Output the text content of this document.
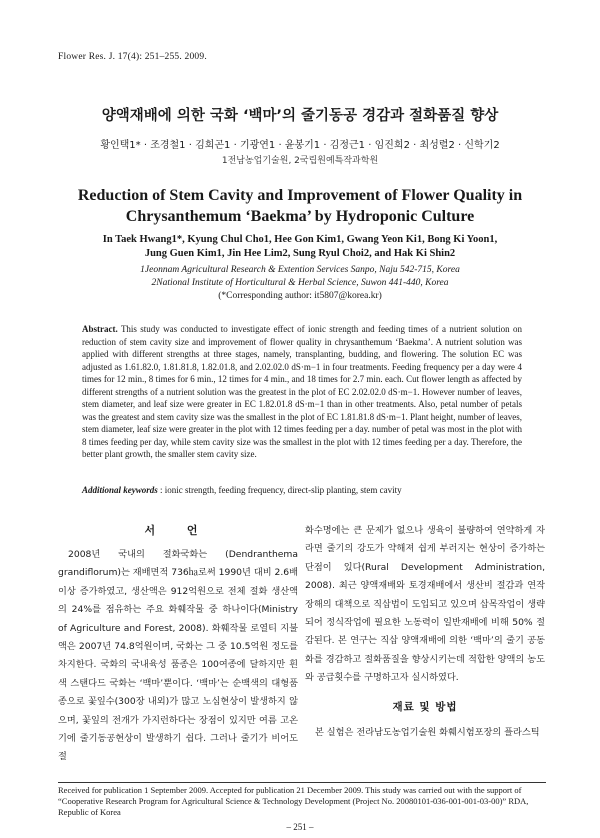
Flower Res. J. 17(4): 251–255. 2009.
양액재배에 의한 국화 ‘백마’의 줄기동공 경감과 절화품질 향상
황인택1* · 조경철1 · 김희곤1 · 기광연1 · 윤봉기1 · 김정근1 · 임진희2 · 최성렬2 · 신학기2
1전남농업기술원, 2국립원예특작과학원
Reduction of Stem Cavity and Improvement of Flower Quality in
Chrysanthemum ‘Baekma’ by Hydroponic Culture
In Taek Hwang1*, Kyung Chul Cho1, Hee Gon Kim1, Gwang Yeon Ki1, Bong Ki Yoon1,
Jung Guen Kim1, Jin Hee Lim2, Sung Ryul Choi2, and Hak Ki Shin2
1Jeonnam Agricultural Research & Extention Services Sanpo, Naju 542-715, Korea
2National Institute of Horticultural & Herbal Science, Suwon 441-440, Korea
(*Corresponding author: it5807@korea.kr)
Abstract. This study was conducted to investigate effect of ionic strength and feeding times of a nutrient solution on reduction of stem cavity size and improvement of flower quality in chrysanthemum ‘Baekma’. A nutrient solution was applied with different strengths at three stages, namely, transplanting, budding, and flowering. The solution EC was adjusted as 1.61.82.0, 1.81.81.8, 1.82.01.8, and 2.02.02.0 dS·m−1 in four treatments. Feeding frequency per a day were 4 times for 12 min., 8 times for 6 min., 12 times for 4 min., and 18 times for 2.7 min. each. Cut flower length as affected by different strengths of a nutrient solution was the greatest in the plot of EC 2.02.02.0 dS·m−1. However number of leaves, stem diameter, and leaf size were greater in EC 1.82.01.8 dS·m−1 than in other treatments. Also, petal number of petals was the greatest and stem cavity size was the smallest in the plot of EC 1.81.81.8 dS·m−1. Plant height, number of leaves, stem diameter, leaf size were greater in the plot with 12 times feeding per a day. number of petal was most in the plot with 8 times feeding per day, while stem cavity size was the smallest in the plot with 12 times feeding per a day. Therefore, the better plant growth, the smaller stem cavity size.
Additional keywords : ionic strength, feeding frequency, direct-slip planting, stem cavity
서 언

2008년 국내의 절화국화는 (Dendranthema grandiflorum)는 재배면적 736㏊로써 1990년 대비 2.6배 이상 증가하였고, 생산액은 912억원으로 전체 절화 생산액의 24%를 점유하는 주요 화훼작물 중 하나이다(Ministry of Agriculture and Forest, 2008). 화훼작물 로열티 지불액은 2007년 74.8억원이며, 국화는 그 중 10.5억원 정도를 차지한다. 국화의 국내육성 품종은 100여종에 달하지만 흰색 스탠다드 국화는 ‘백마’뿐이다. ‘백마’는 순백색의 대형품종으로 꽃잎수(300장 내외)가 많고 노심현상이 발생하지 않으며, 꽃잎의 전개가 가지런하다는 장점이 있지만 여름 고온기에 줄기동공현상이 발생하기 쉽다. 그러나 줄기가 비어도 절

화수명에는 큰 문제가 없으나 생육이 불량하여 연약하게 자라면 줄기의 강도가 약해져 쉽게 부러지는 현상이 증가하는 단점이 있다(Rural Development Administration, 2008). 최근 양액재배와 토경재배에서 생산비 절감과 연작장해의 대책으로 직삽법이 도입되고 있으며 삽목작업이 생략되어 정식작업에 필요한 노동력이 일반재배에 비해 50% 절감된다. 본 연구는 직삽 양액재배에 의한 ‘백마’의 줄기 공동화를 경감하고 절화품질을 향상시키는데 적합한 양액의 농도와 공급횟수를 구명하고자 실시하였다.

재료 및 방법

본 실험은 전라남도농업기술원 화훼시험포장의 플라스틱

Received for publication 1 September 2009. Accepted for publication 21 December 2009. This study was carried out with the support of “Cooperative Research Program for Agricultural Science & Technology Development (Project No. 20080101-036-001-001-03-00)” RDA, Republic of Korea
– 251 –
